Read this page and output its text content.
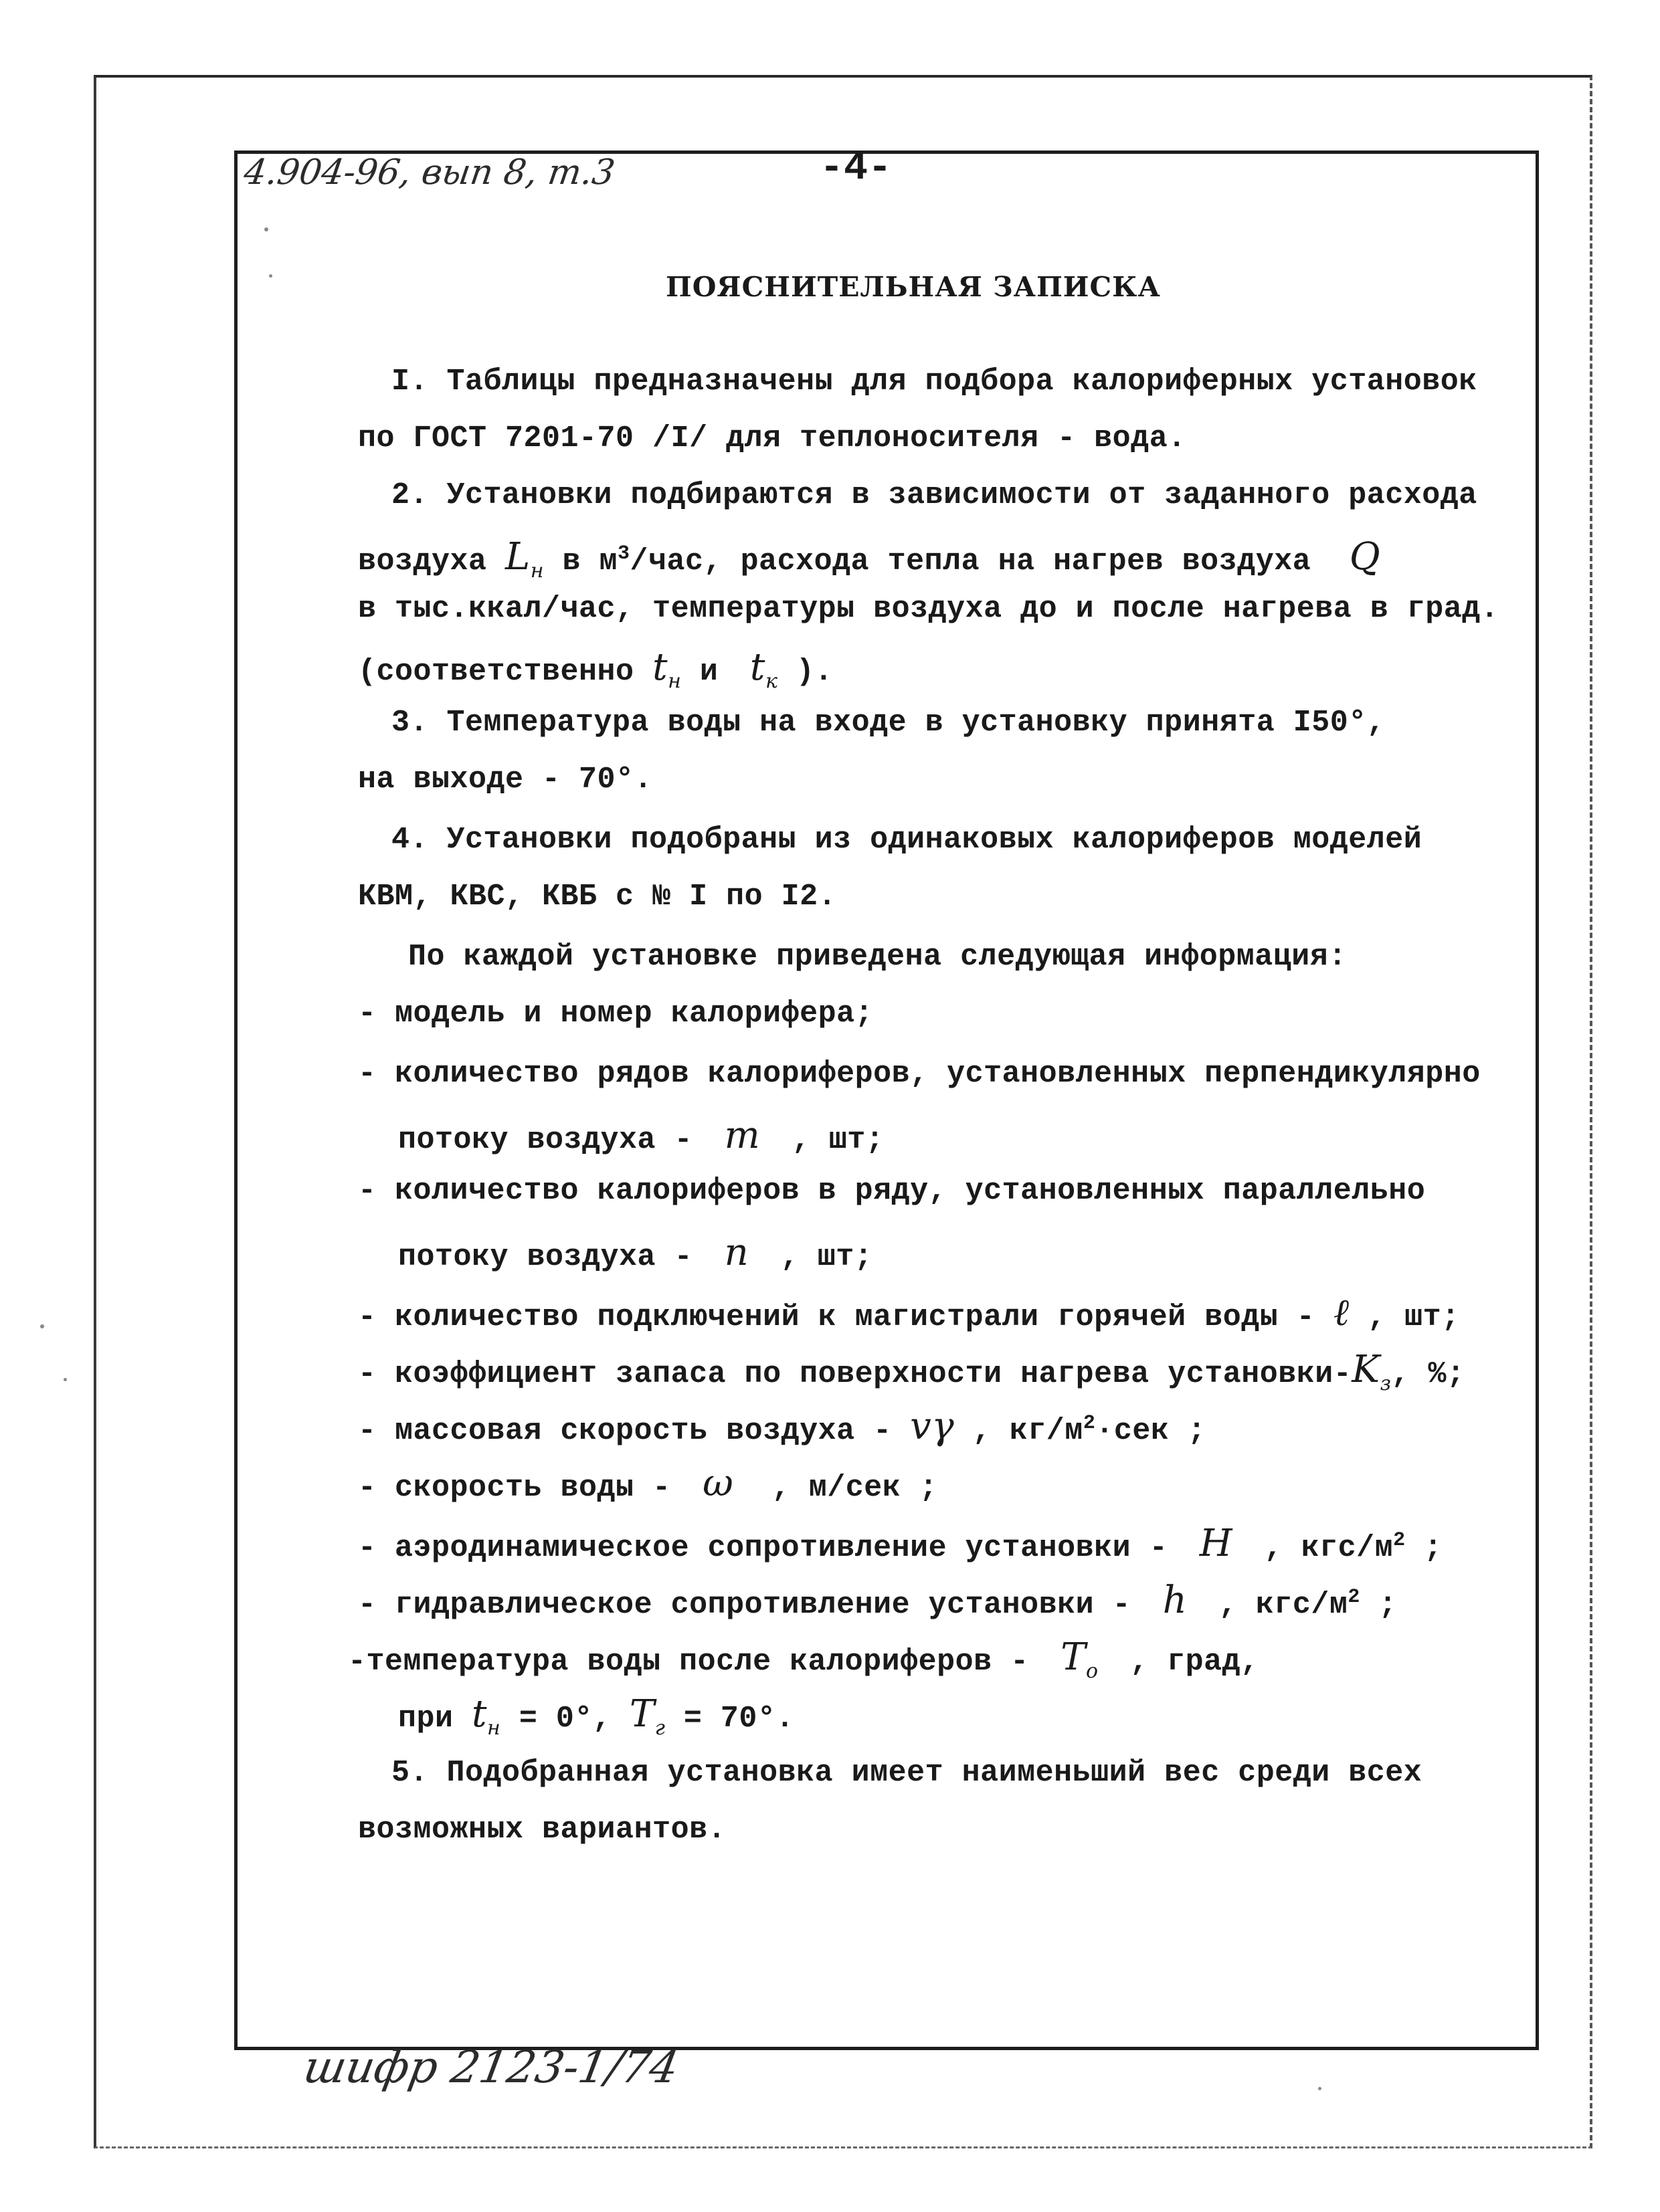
4.904-96, вып 8, т.3	-4-
ПОЯСНИТЕЛЬНАЯ ЗАПИСКА
I. Таблицы предназначены для подбора калориферных установок
по ГОСТ 7201-70 /I/ для теплоносителя - вода.
2. Установки подбираются в зависимости от заданного расхода
воздуха $L_н$ в $м^3$/час, расхода тепла на нагрев воздуха Q
в тыс.ккал/час, температуры воздуха до и после нагрева в град.
(соответственно $t_н$ и $t_к$ ).
3. Температура воды на входе в установку принята I50°,
на выходе - 70°.
4. Установки подобраны из одинаковых калориферов моделей
КВМ, КВС, КВБ с № I по I2.
По каждой установке приведена следующая информация:
- модель и номер калорифера;
- количество рядов калориферов, установленных перпендикулярно
потоку воздуха - m , шт;
- количество калориферов в ряду, установленных параллельно
потоку воздуха - n , шт;
- количество подключений к магистрали горячей воды - ℓ , шт;
- коэффициент запаса по поверхности нагрева установки-$K_з$, %;
- массовая скорость воздуха - vγ , $кг/м^2\cdot сек$ ;
- скорость воды - ω , м/сек ;
- аэродинамическое сопротивление установки - H , кгс/$м^2$ ;
- гидравлическое сопротивление установки - h , кгс/$м^2$ ;
-температура воды после калориферов - $T_о$ , град,
при $t_н = 0^\circ$, $T_г = 70^\circ$.
5. Подобранная установка имеет наименьший вес среди всех
возможных вариантов.
шифр 2123-1/74
